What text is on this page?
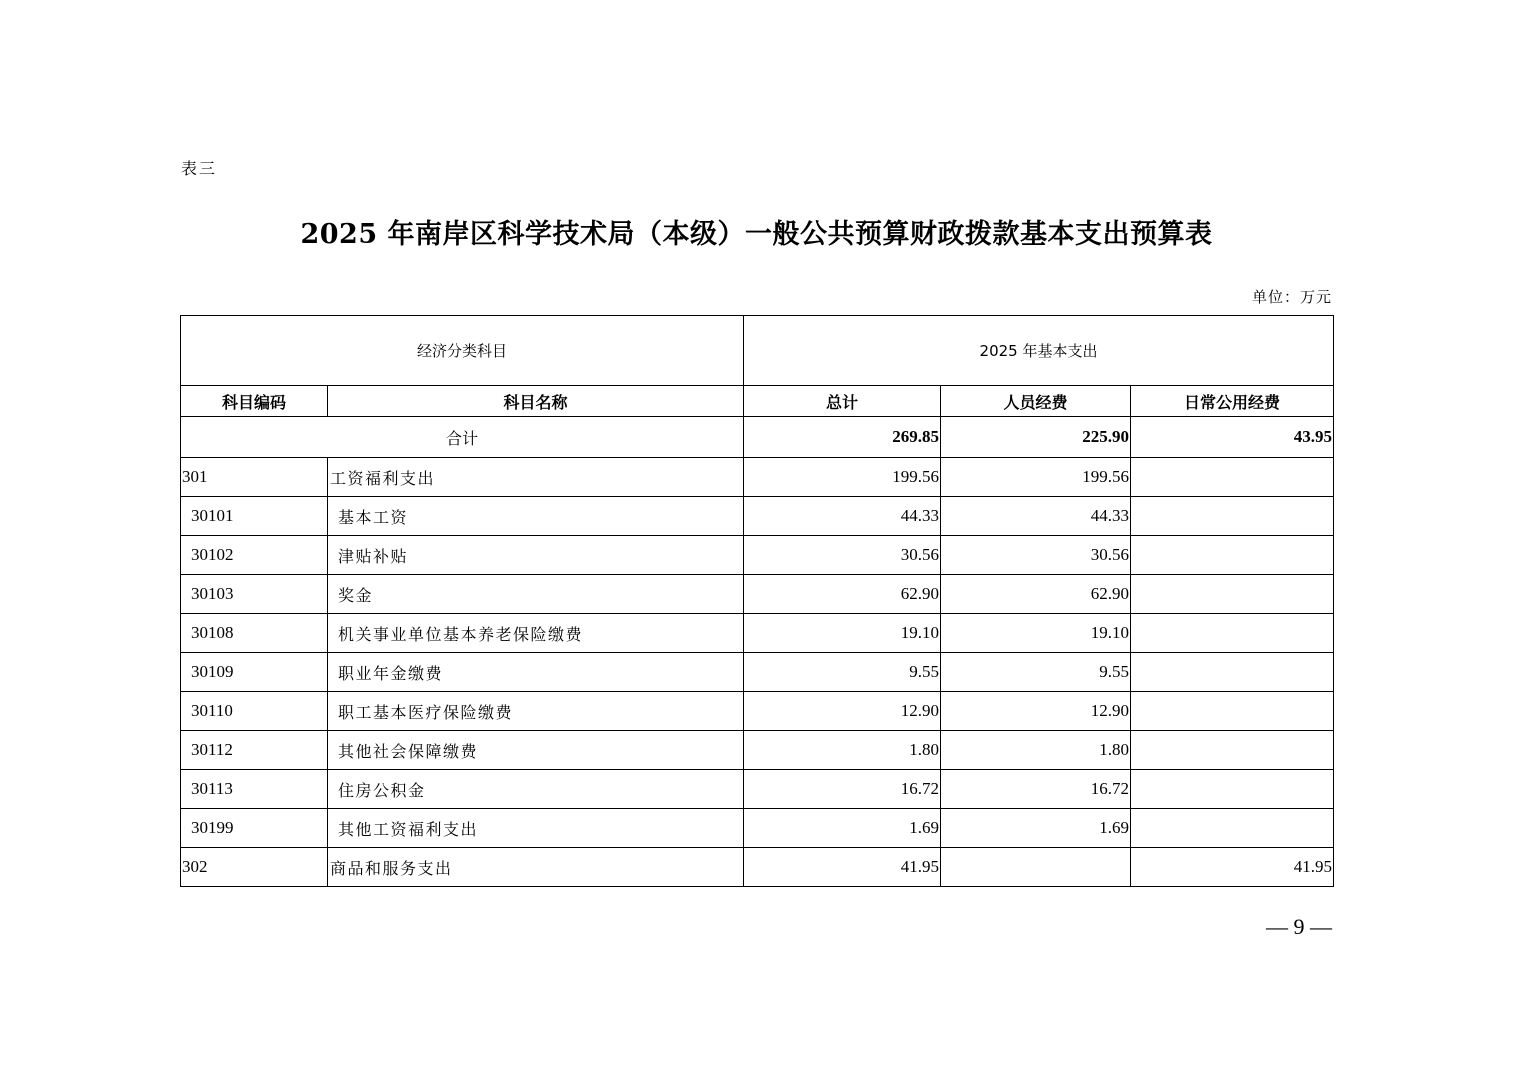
表三
2025 年南岸区科学技术局（本级）一般公共预算财政拨款基本支出预算表
单位：万元
经济分类科目		2025 年基本支出		
科目编码	科目名称	总计	人员经费	日常公用经费
合计		269.85	225.90	43.95
301	工资福利支出	199.56	199.56	
30101	基本工资	44.33	44.33	
30102	津贴补贴	30.56	30.56	
30103	奖金	62.90	62.90	
30108	机关事业单位基本养老保险缴费	19.10	19.10	
30109	职业年金缴费	9.55	9.55	
30110	职工基本医疗保险缴费	12.90	12.90	
30112	其他社会保障缴费	1.80	1.80	
30113	住房公积金	16.72	16.72	
30199	其他工资福利支出	1.69	1.69	
302	商品和服务支出	41.95		41.95
— 9 —
